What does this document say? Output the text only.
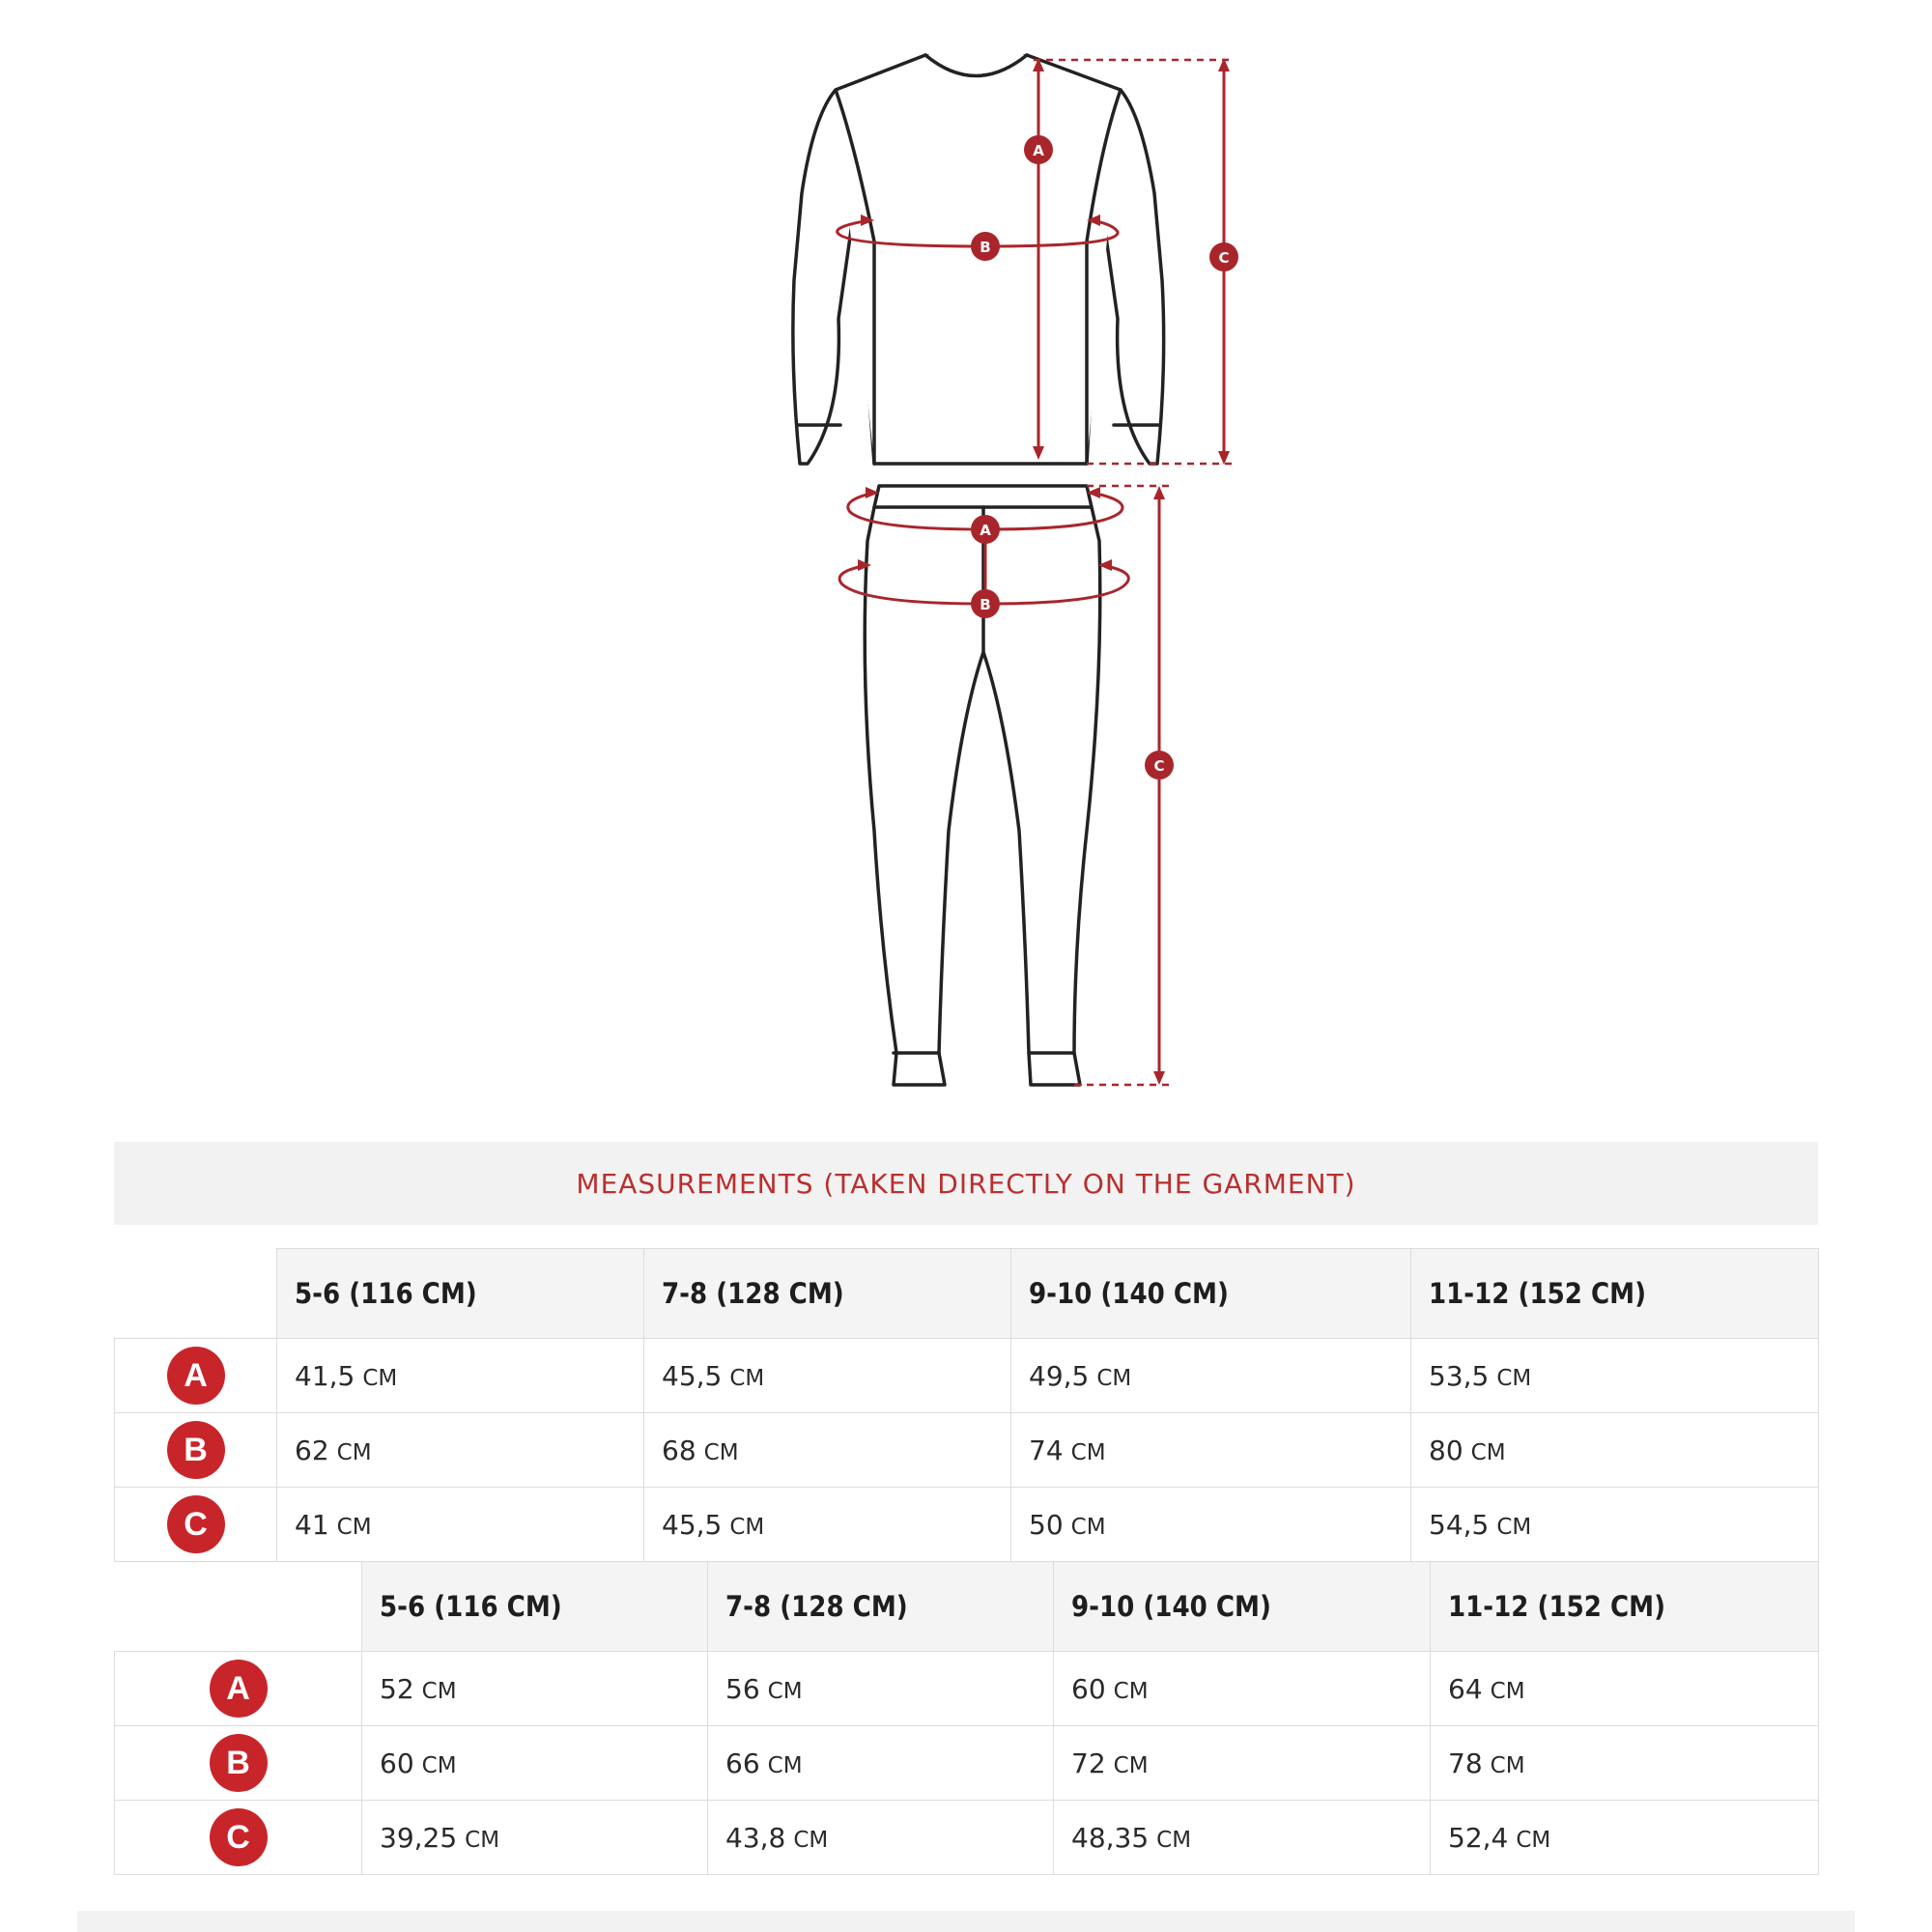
A
B
C
A
B
C
MEASUREMENTS (TAKEN DIRECTLY ON THE GARMENT)
	5-6 (116 CM)	7-8 (128 CM)	9-10 (140 CM)	11-12 (152 CM)
A	41,5 CM	45,5 CM	49,5 CM	53,5 CM
B	62 CM	68 CM	74 CM	80 CM
C	41 CM	45,5 CM	50 CM	54,5 CM
	5-6 (116 CM)	7-8 (128 CM)	9-10 (140 CM)	11-12 (152 CM)
A	52 CM	56 CM	60 CM	64 CM
B	60 CM	66 CM	72 CM	78 CM
C	39,25 CM	43,8 CM	48,35 CM	52,4 CM
